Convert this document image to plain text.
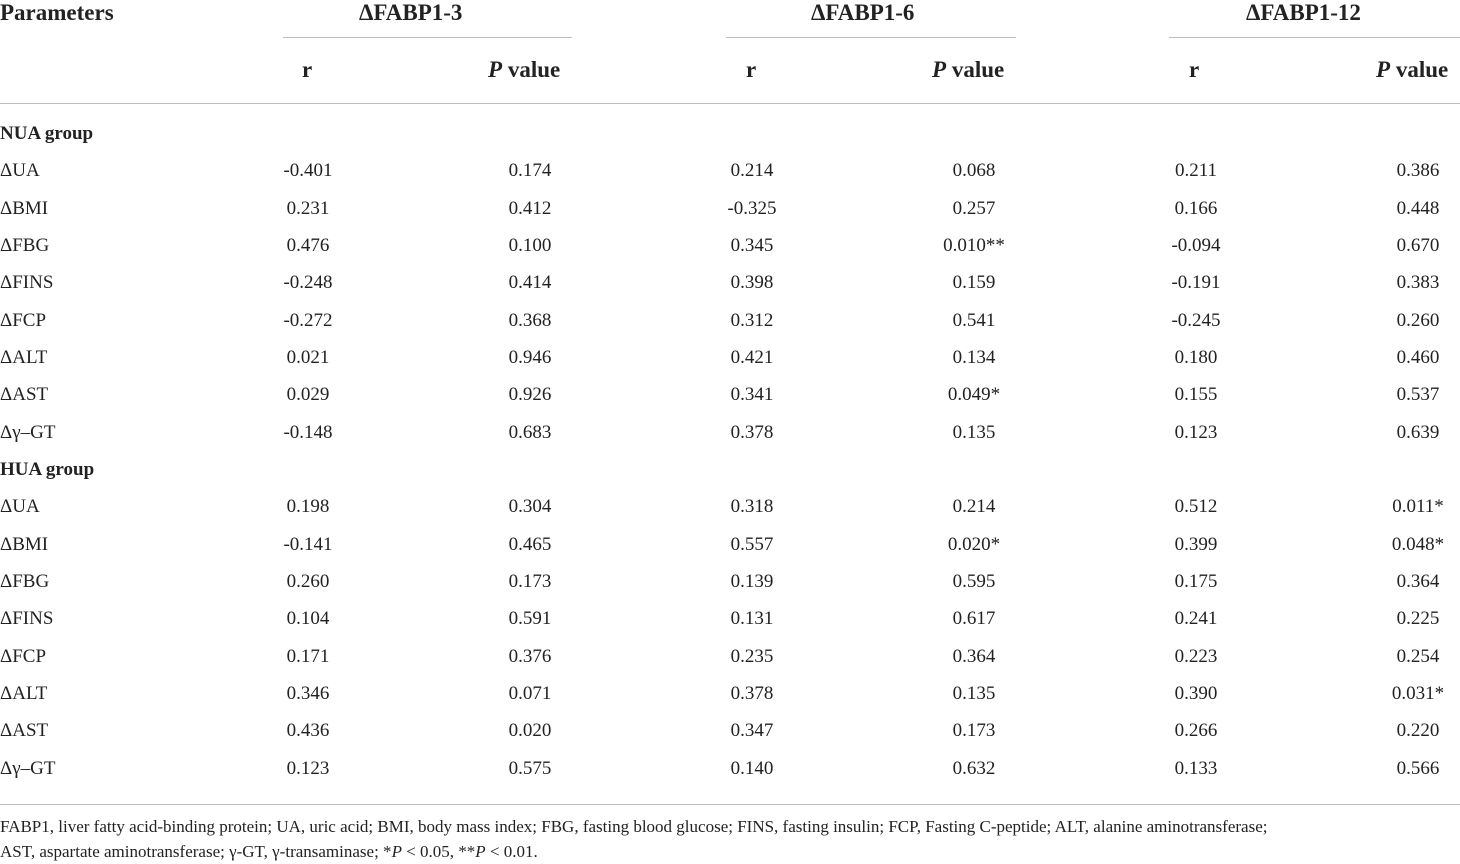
Parameters	ΔFABP1-3	ΔFABP1-6	ΔFABP1-12
r	P value	r	P value	r	P value
NUA group
ΔUA	-0.401	0.174	0.214	0.068	0.211	0.386
ΔBMI	0.231	0.412	-0.325	0.257	0.166	0.448
ΔFBG	0.476	0.100	0.345	0.010**	-0.094	0.670
ΔFINS	-0.248	0.414	0.398	0.159	-0.191	0.383
ΔFCP	-0.272	0.368	0.312	0.541	-0.245	0.260
ΔALT	0.021	0.946	0.421	0.134	0.180	0.460
ΔAST	0.029	0.926	0.341	0.049*	0.155	0.537
Δγ–GT	-0.148	0.683	0.378	0.135	0.123	0.639
HUA group
ΔUA	0.198	0.304	0.318	0.214	0.512	0.011*
ΔBMI	-0.141	0.465	0.557	0.020*	0.399	0.048*
ΔFBG	0.260	0.173	0.139	0.595	0.175	0.364
ΔFINS	0.104	0.591	0.131	0.617	0.241	0.225
ΔFCP	0.171	0.376	0.235	0.364	0.223	0.254
ΔALT	0.346	0.071	0.378	0.135	0.390	0.031*
ΔAST	0.436	0.020	0.347	0.173	0.266	0.220
Δγ–GT	0.123	0.575	0.140	0.632	0.133	0.566
FABP1, liver fatty acid-binding protein; UA, uric acid; BMI, body mass index; FBG, fasting blood glucose; FINS, fasting insulin; FCP, Fasting C-peptide; ALT, alanine aminotransferase;
AST, aspartate aminotransferase; γ-GT, γ-transaminase; *P < 0.05, **P < 0.01.
